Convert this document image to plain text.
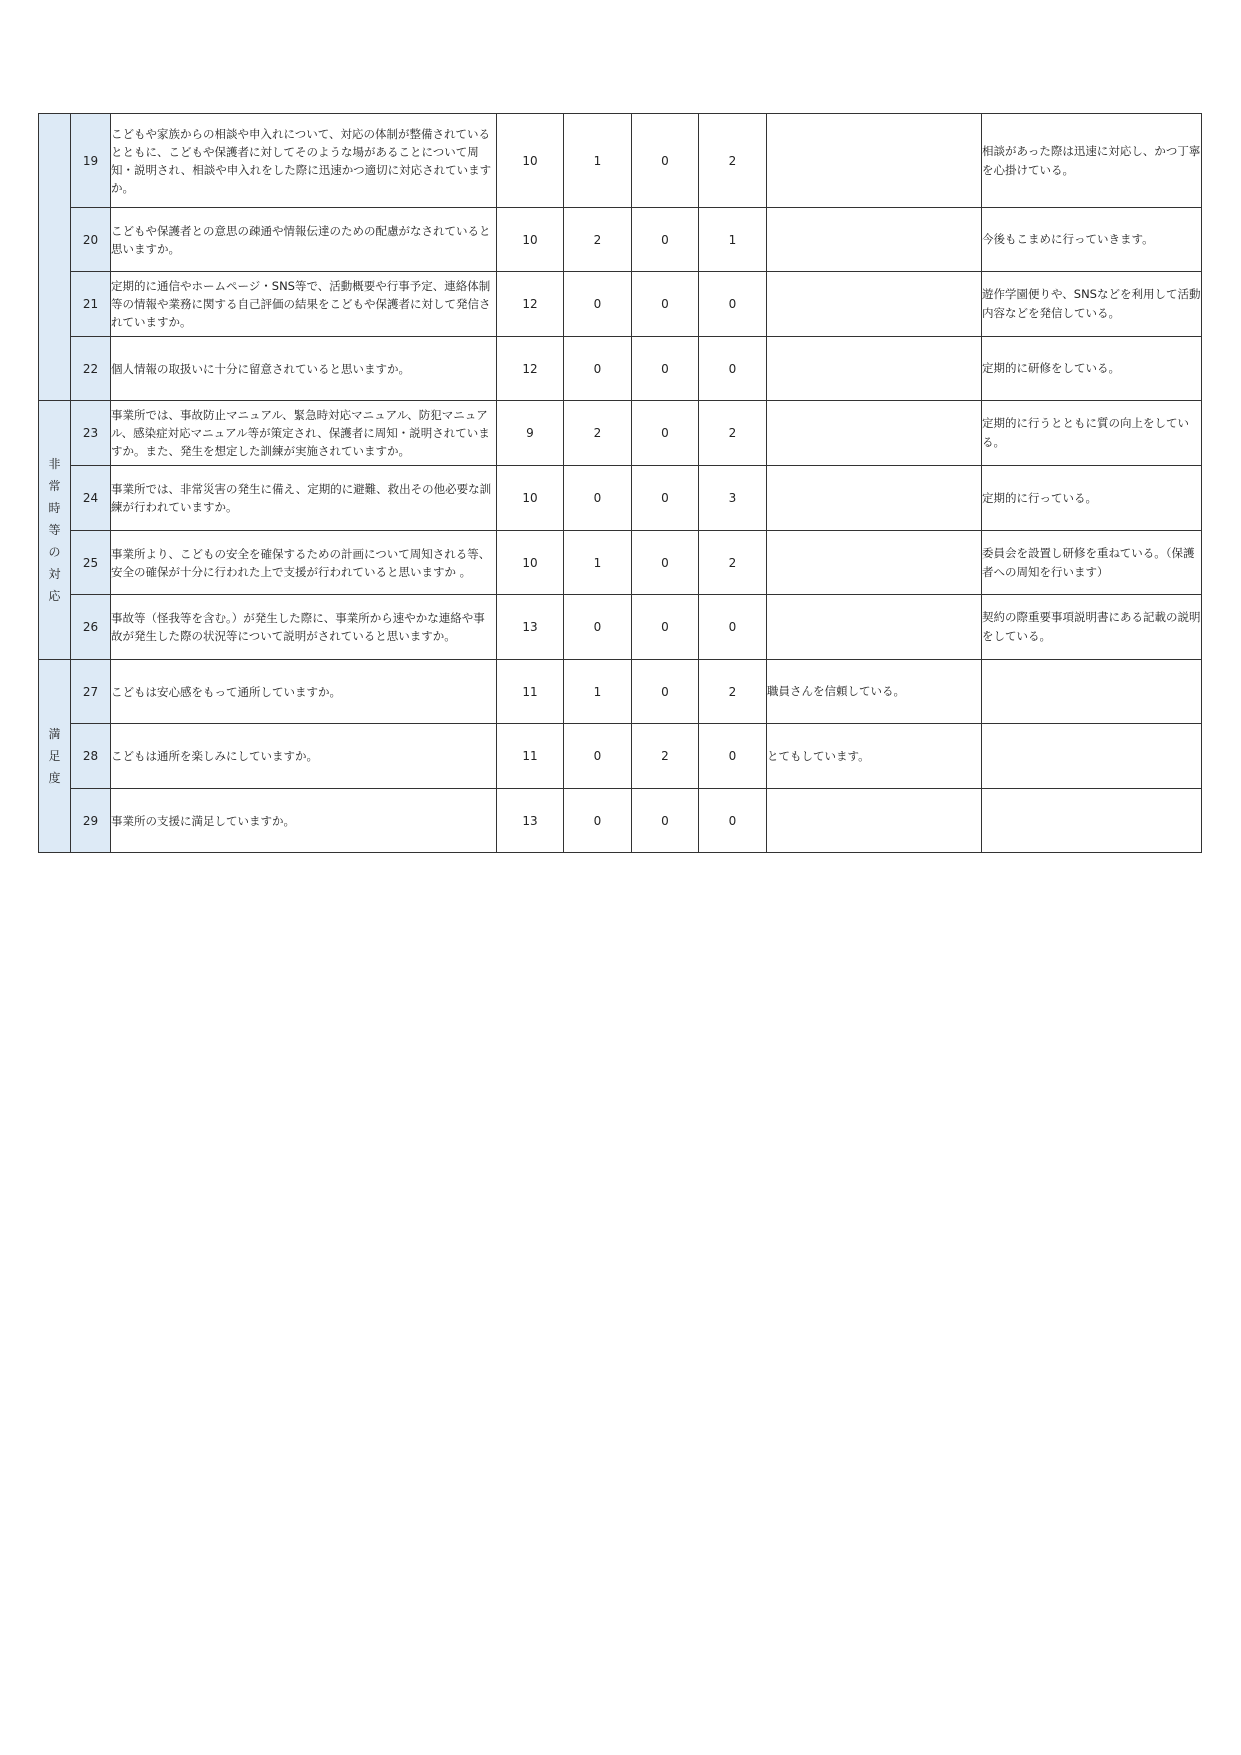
	19	こどもや家族からの相談や申入れについて、対応の体制が整備されているとともに、こどもや保護者に対してそのような場があることについて周知・説明され、相談や申入れをした際に迅速かつ適切に対応されていますか。	10	1	0	2		相談があった際は迅速に対応し、かつ丁寧を心掛けている。
	20	こどもや保護者との意思の疎通や情報伝達のための配慮がなされていると思いますか。	10	2	0	1		今後もこまめに行っていきます。
	21	定期的に通信やホームページ・SNS等で、活動概要や行事予定、連絡体制等の情報や業務に関する自己評価の結果をこどもや保護者に対して発信されていますか。	12	0	0	0		遊作学園便りや、SNSなどを利用して活動内容などを発信している。
	22	個人情報の取扱いに十分に留意されていると思いますか。	12	0	0	0		定期的に研修をしている。
非常時等の対応	23	事業所では、事故防止マニュアル、緊急時対応マニュアル、防犯マニュアル、感染症対応マニュアル等が策定され、保護者に周知・説明されていますか。また、発生を想定した訓練が実施されていますか。	9	2	0	2		定期的に行うとともに質の向上をしている。
	24	事業所では、非常災害の発生に備え、定期的に避難、救出その他必要な訓練が行われていますか。	10	0	0	3		定期的に行っている。
	25	事業所より、こどもの安全を確保するための計画について周知される等、安全の確保が十分に行われた上で支援が行われていると思いますか 。	10	1	0	2		委員会を設置し研修を重ねている。（保護者への周知を行います）
	26	事故等（怪我等を含む。）が発生した際に、事業所から速やかな連絡や事故が発生した際の状況等について説明がされていると思いますか。	13	0	0	0		契約の際重要事項説明書にある記載の説明をしている。
満足度	27	こどもは安心感をもって通所していますか。	11	1	0	2	職員さんを信頼している。	
	28	こどもは通所を楽しみにしていますか。	11	0	2	0	とてもしています。	
	29	事業所の支援に満足していますか。	13	0	0	0		
